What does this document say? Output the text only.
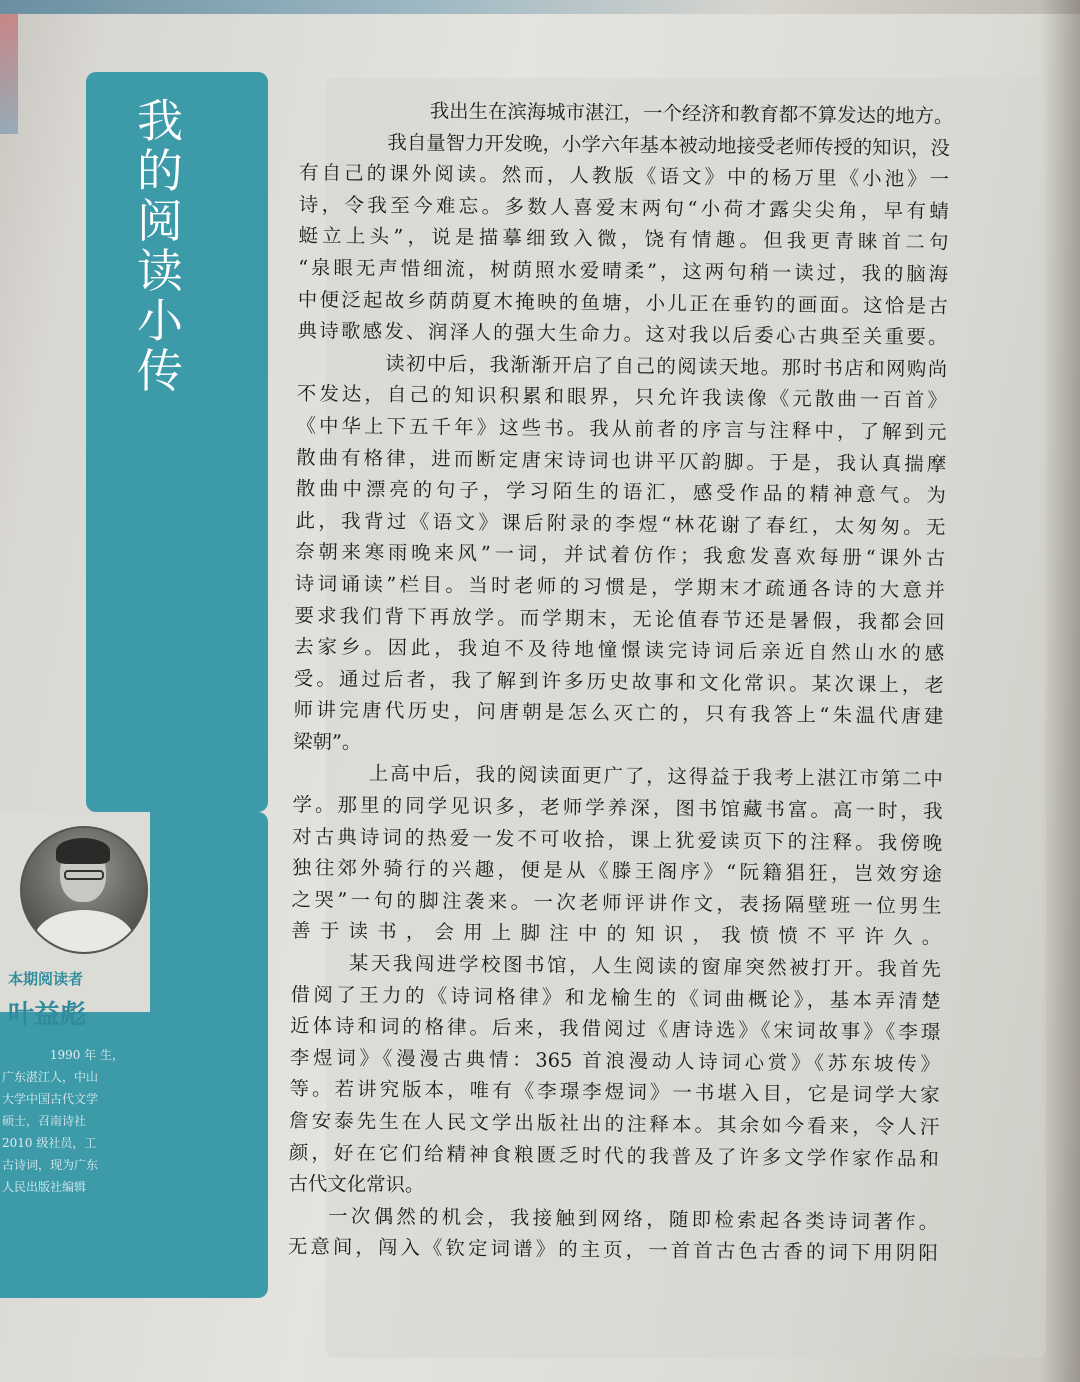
我
的
阅
读
小
传
本期阅读者
叶益彪
1990 年 生，
广东湛江人，中山
大学中国古代文学
硕士，召南诗社
2010 级社员，工
古诗词，现为广东
人民出版社编辑
我出生在滨海城市湛江，一个经济和教育都不算发达的地方。
我自量智力开发晚，小学六年基本被动地接受老师传授的知识，没
有自己的课外阅读。然而，人教版《语文》中的杨万里《小池》一
诗，令我至今难忘。多数人喜爱末两句“小荷才露尖尖角，早有蜻
蜓立上头”，说是描摹细致入微，饶有情趣。但我更青睐首二句
“泉眼无声惜细流，树荫照水爱晴柔”，这两句稍一读过，我的脑海
中便泛起故乡荫荫夏木掩映的鱼塘，小儿正在垂钓的画面。这恰是古
典诗歌感发、润泽人的强大生命力。这对我以后委心古典至关重要。
读初中后，我渐渐开启了自己的阅读天地。那时书店和网购尚
不发达，自己的知识积累和眼界，只允许我读像《元散曲一百首》
《中华上下五千年》这些书。我从前者的序言与注释中，了解到元
散曲有格律，进而断定唐宋诗词也讲平仄韵脚。于是，我认真揣摩
散曲中漂亮的句子，学习陌生的语汇，感受作品的精神意气。为
此，我背过《语文》课后附录的李煜“林花谢了春红，太匆匆。无
奈朝来寒雨晚来风”一词，并试着仿作；我愈发喜欢每册“课外古
诗词诵读”栏目。当时老师的习惯是，学期末才疏通各诗的大意并
要求我们背下再放学。而学期末，无论值春节还是暑假，我都会回
去家乡。因此，我迫不及待地憧憬读完诗词后亲近自然山水的感
受。通过后者，我了解到许多历史故事和文化常识。某次课上，老
师讲完唐代历史，问唐朝是怎么灭亡的，只有我答上“朱温代唐建
梁朝”。
上高中后，我的阅读面更广了，这得益于我考上湛江市第二中
学。那里的同学见识多，老师学养深，图书馆藏书富。高一时，我
对古典诗词的热爱一发不可收拾，课上犹爱读页下的注释。我傍晚
独往郊外骑行的兴趣，便是从《滕王阁序》“阮籍猖狂，岂效穷途
之哭”一句的脚注袭来。一次老师评讲作文，表扬隔壁班一位男生
善于读书，会用上脚注中的知识，我愤愤不平许久。
某天我闯进学校图书馆，人生阅读的窗扉突然被打开。我首先
借阅了王力的《诗词格律》和龙榆生的《词曲概论》，基本弄清楚
近体诗和词的格律。后来，我借阅过《唐诗选》《宋词故事》《李璟
李煜词》《漫漫古典情：365 首浪漫动人诗词心赏》《苏东坡传》
等。若讲究版本，唯有《李璟李煜词》一书堪入目，它是词学大家
詹安泰先生在人民文学出版社出的注释本。其余如今看来，令人汗
颜，好在它们给精神食粮匮乏时代的我普及了许多文学作家作品和
古代文化常识。
一次偶然的机会，我接触到网络，随即检索起各类诗词著作。
无意间，闯入《钦定词谱》的主页，一首首古色古香的词下用阴阳
